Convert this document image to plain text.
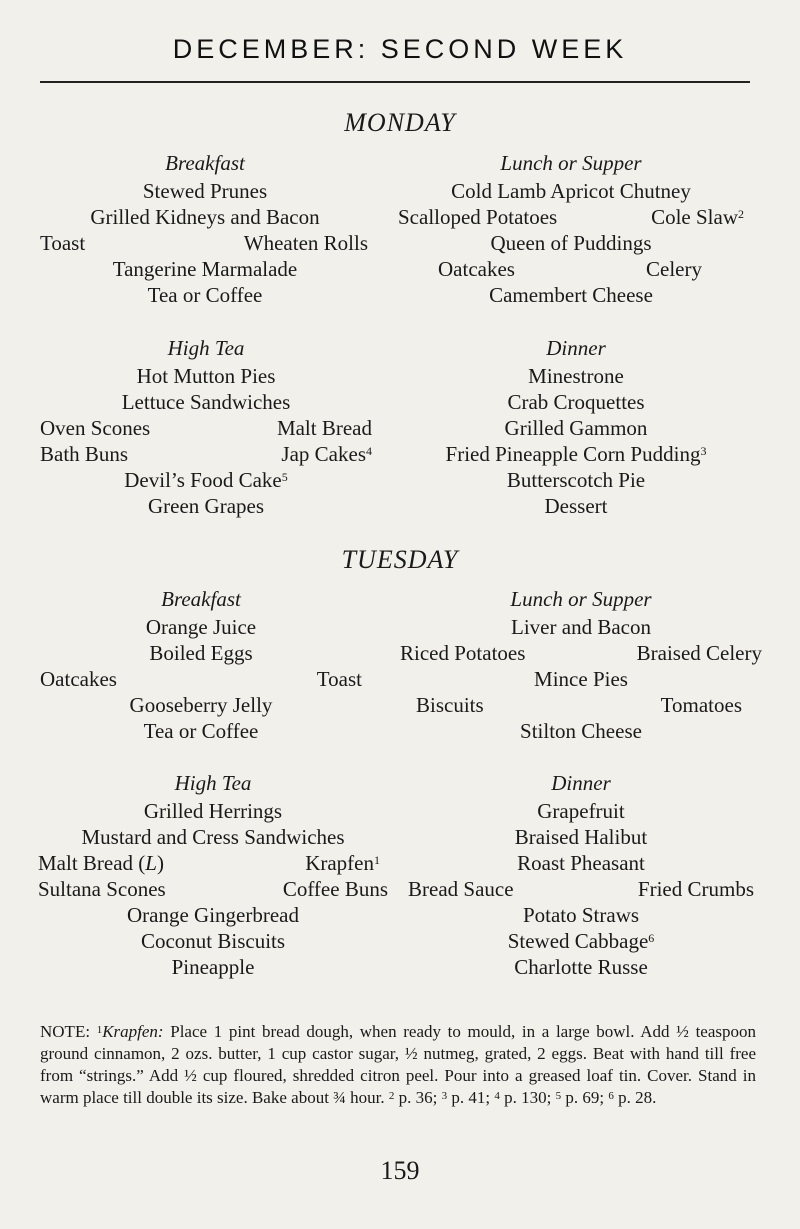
DECEMBER: SECOND WEEK
MONDAY
Breakfast
Stewed Prunes
Grilled Kidneys and Bacon
Toast	Wheaten Rolls
Tangerine Marmalade
Tea or Coffee
Lunch or Supper
Cold Lamb Apricot Chutney
Scalloped Potatoes	Cole Slaw$^2$
Queen of Puddings
Oatcakes	Celery
Camembert Cheese
High Tea
Hot Mutton Pies
Lettuce Sandwiches
Oven Scones	Malt Bread
Bath Buns	Jap Cakes$^4$
Devil’s Food Cake$^5$
Green Grapes
Dinner
Minestrone
Crab Croquettes
Grilled Gammon
Fried Pineapple Corn Pudding$^3$
Butterscotch Pie
Dessert
TUESDAY
Breakfast
Orange Juice
Boiled Eggs
Oatcakes	Toast
Gooseberry Jelly
Tea or Coffee
Lunch or Supper
Liver and Bacon
Riced Potatoes	Braised Celery
Mince Pies
Biscuits	Tomatoes
Stilton Cheese
High Tea
Grilled Herrings
Mustard and Cress Sandwiches
Malt Bread (L)	Krapfen$^1$
Sultana Scones	Coffee Buns
Orange Gingerbread
Coconut Biscuits
Pineapple
Dinner
Grapefruit
Braised Halibut
Roast Pheasant
Bread Sauce	Fried Crumbs
Potato Straws
Stewed Cabbage$^6$
Charlotte Russe
NOTE: $^1$Krapfen: Place 1 pint bread dough, when ready to mould, in a large bowl. Add ½ teaspoon ground cinnamon, 2 ozs. butter, 1 cup castor sugar, ½ nutmeg, grated, 2 eggs. Beat with hand till free from “strings.” Add ½ cup floured, shredded citron peel. Pour into a greased loaf tin. Cover. Stand in warm place till double its size. Bake about ¾ hour. $^2$ p. 36; $^3$ p. 41; $^4$ p. 130; $^5$ p. 69; $^6$ p. 28.
159
